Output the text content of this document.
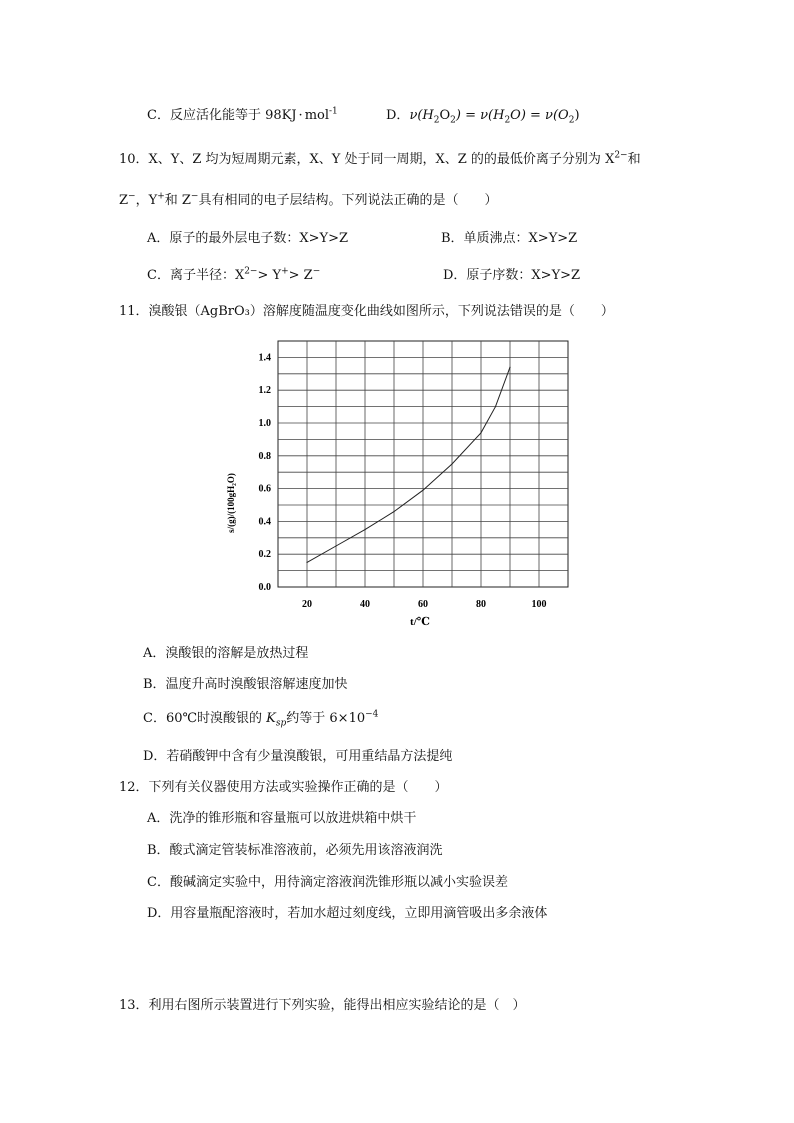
C．反应活化能等于 98KJ · mol$^{-1}$	D．$\nu(H_2O_2) = \nu(H_2O) = \nu(O_2)$
10．X、Y、Z 均为短周期元素，X、Y 处于同一周期，X、Z 的的最低价离子分别为 $X^{2-}$和
Z−，Y+和 Z−具有相同的电子层结构。下列说法正确的是（　　）
A．原子的最外层电子数：X>Y>Z	B．单质沸点：X>Y>Z
C．离子半径：$X^{2-}> Y^+> Z^-$	D．原子序数：X>Y>Z
11．溴酸银（AgBrO₃）溶解度随温度变化曲线如图所示，下列说法错误的是（　　）
0.0
0.2
0.4
0.6
0.8
1.0
1.2
1.4
20	40	60	80	100
t/℃
s/(g)/(100gH₂O)
A．溴酸银的溶解是放热过程
B．温度升高时溴酸银溶解速度加快
C．60℃时溴酸银的 $K_{sp}$约等于 $6\times 10^{-4}$
D．若硝酸钾中含有少量溴酸银，可用重结晶方法提纯
12．下列有关仪器使用方法或实验操作正确的是（　　）
A．洗净的锥形瓶和容量瓶可以放进烘箱中烘干
B．酸式滴定管装标准溶液前，必须先用该溶液润洗
C．酸碱滴定实验中，用待滴定溶液润洗锥形瓶以减小实验误差
D．用容量瓶配溶液时，若加水超过刻度线，立即用滴管吸出多余液体
13．利用右图所示装置进行下列实验，能得出相应实验结论的是（　）
